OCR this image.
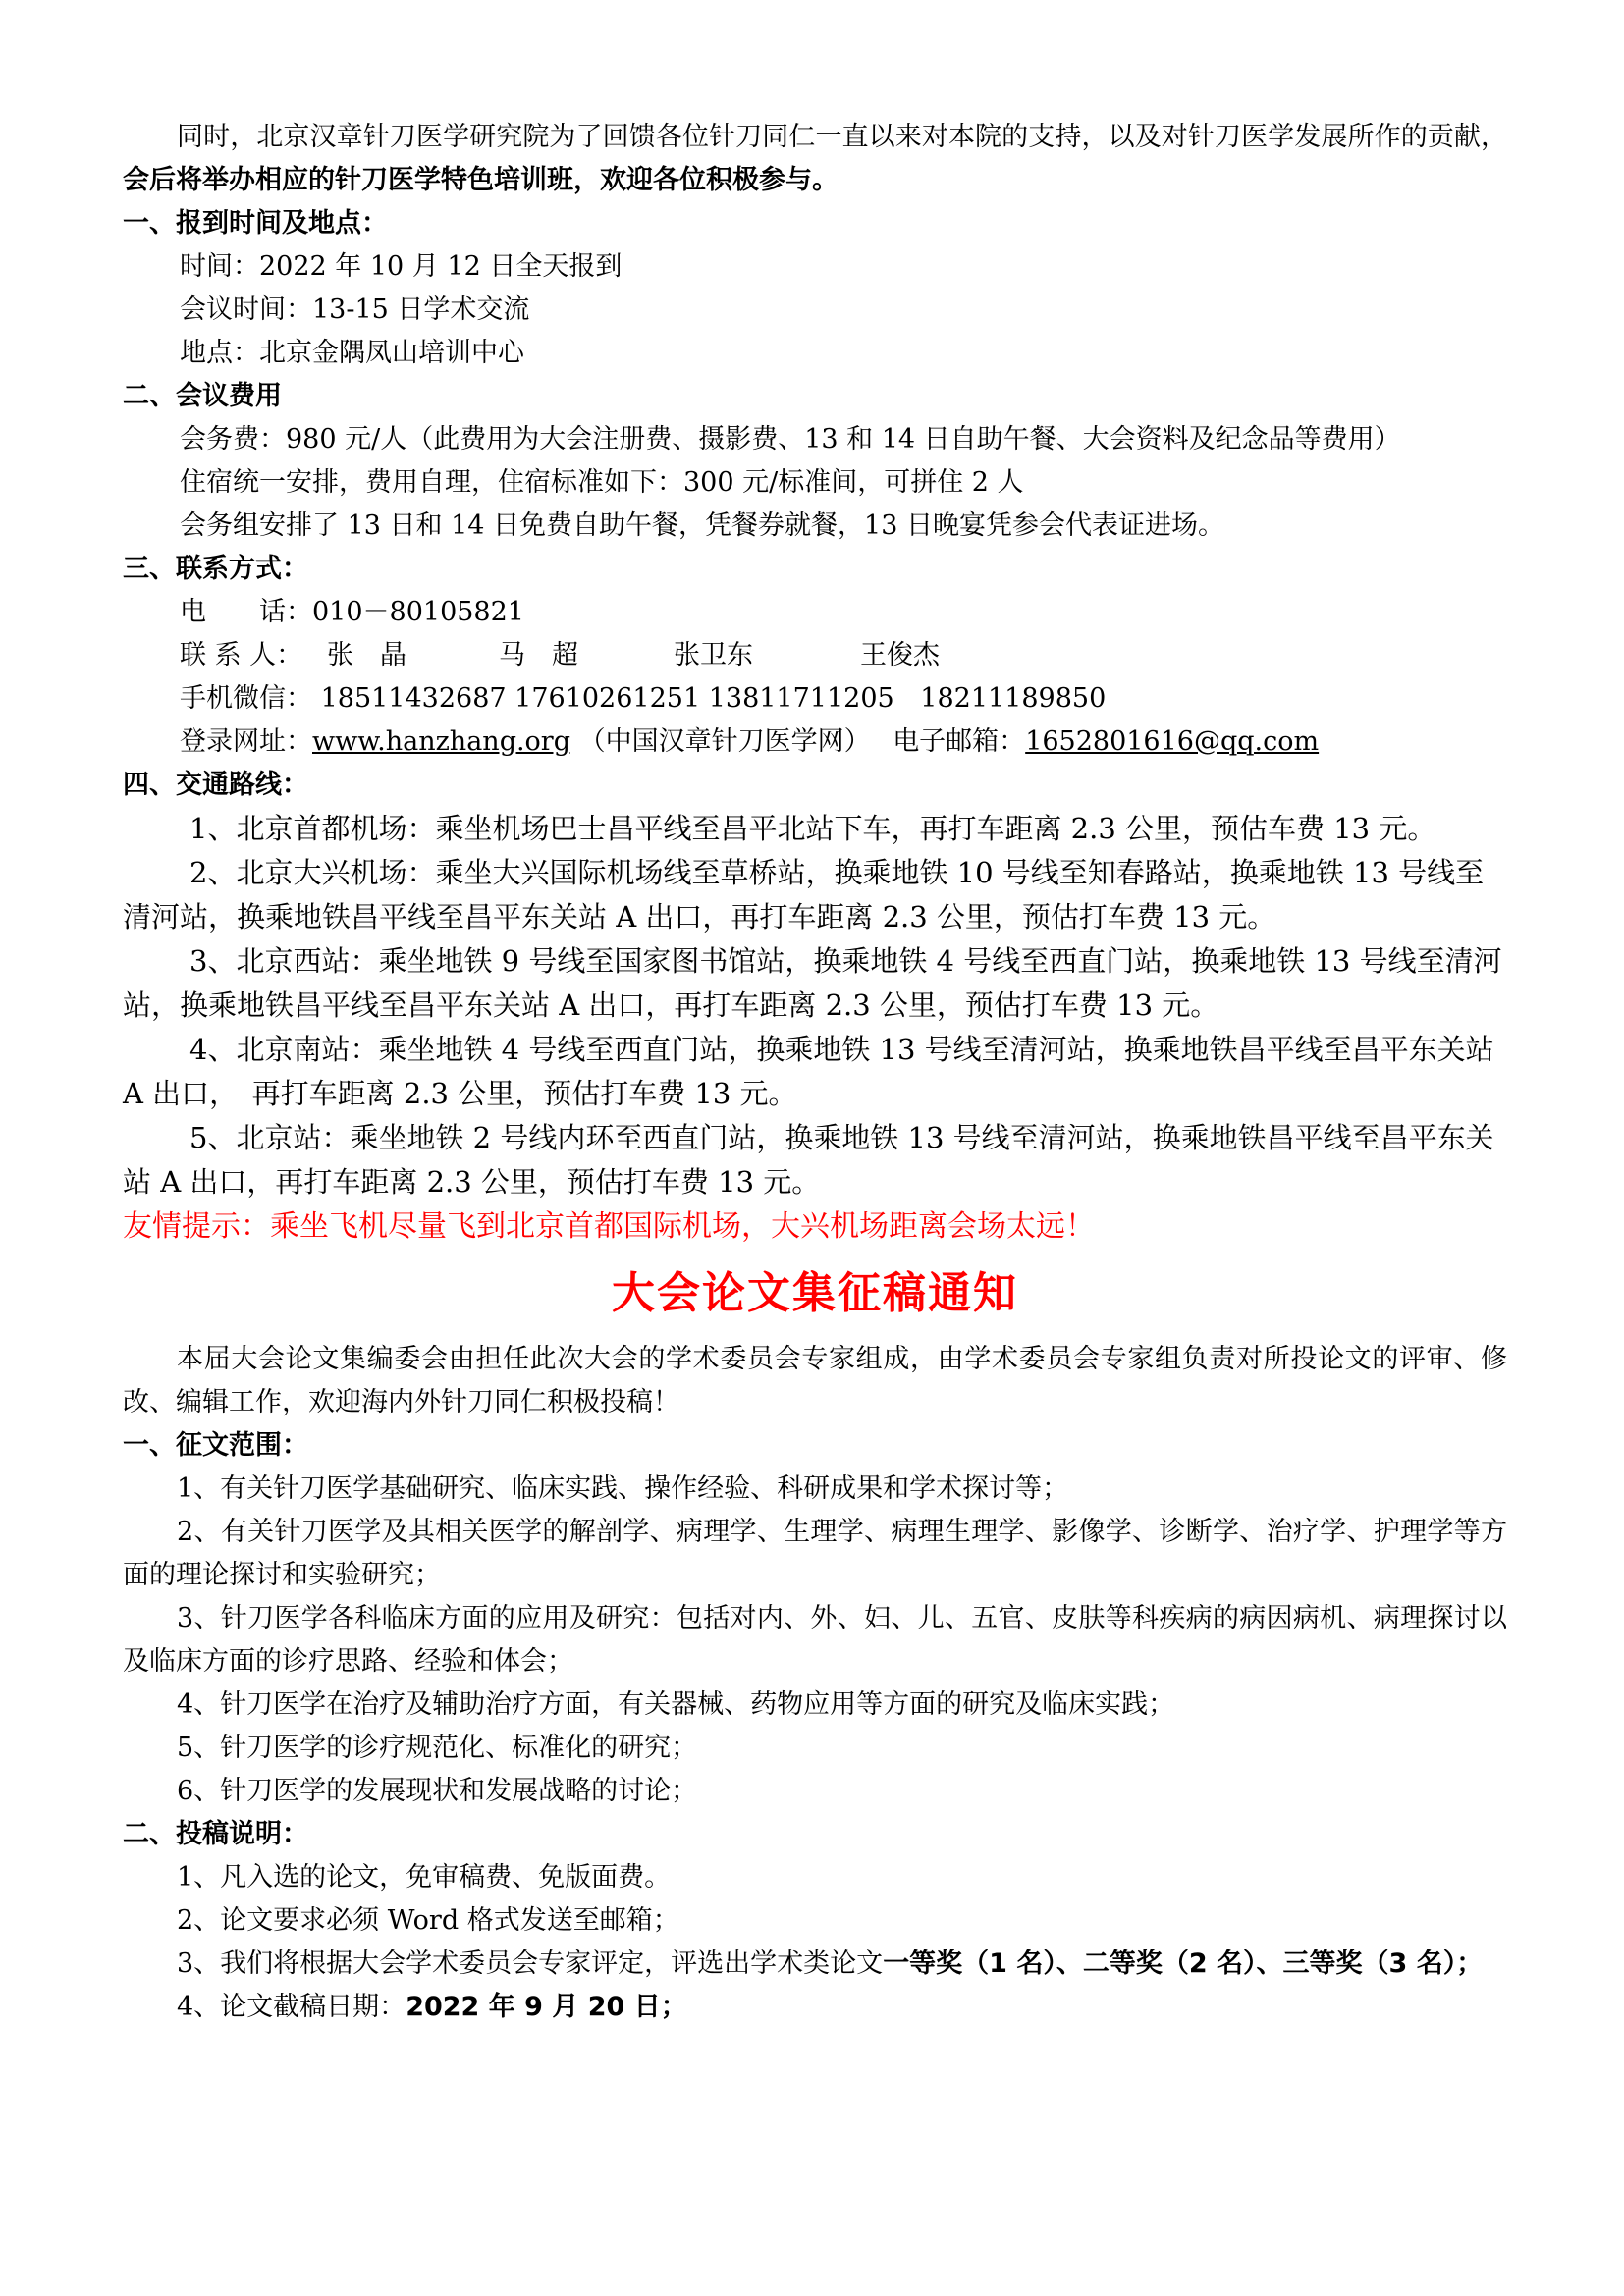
同时，北京汉章针刀医学研究院为了回馈各位针刀同仁一直以来对本院的支持，以及对针刀医学发展所作的贡献，会后将举办相应的针刀医学特色培训班，欢迎各位积极参与。

一、报到时间及地点：

时间：2022 年 10 月 12 日全天报到

会议时间：13-15 日学术交流

地点：北京金隅凤山培训中心

二、会议费用

会务费：980 元/人（此费用为大会注册费、摄影费、13 和 14 日自助午餐、大会资料及纪念品等费用）

住宿统一安排，费用自理，住宿标准如下：300 元/标准间，可拼住 2 人

会务组安排了 13 日和 14 日免费自助午餐，凭餐券就餐，13 日晚宴凭参会代表证进场。

三、联系方式：

电　　话：010－80105821

联 系 人： 张　晶	马　超	张卫东	王俊杰

手机微信： 18511432687 17610261251 13811711205 18211189850

登录网址：www.hanzhang.org （中国汉章针刀医学网） 电子邮箱：1652801616@qq.com

四、交通路线：

1、北京首都机场：乘坐机场巴士昌平线至昌平北站下车，再打车距离 2.3 公里，预估车费 13 元。

2、北京大兴机场：乘坐大兴国际机场线至草桥站，换乘地铁 10 号线至知春路站，换乘地铁 13 号线至清河站，换乘地铁昌平线至昌平东关站 A 出口，再打车距离 2.3 公里，预估打车费 13 元。

3、北京西站：乘坐地铁 9 号线至国家图书馆站，换乘地铁 4 号线至西直门站，换乘地铁 13 号线至清河站，换乘地铁昌平线至昌平东关站 A 出口，再打车距离 2.3 公里，预估打车费 13 元。

4、北京南站：乘坐地铁 4 号线至西直门站，换乘地铁 13 号线至清河站，换乘地铁昌平线至昌平东关站 A 出口，　再打车距离 2.3 公里，预估打车费 13 元。

5、北京站：乘坐地铁 2 号线内环至西直门站，换乘地铁 13 号线至清河站，换乘地铁昌平线至昌平东关站 A 出口，再打车距离 2.3 公里，预估打车费 13 元。

友情提示：乘坐飞机尽量飞到北京首都国际机场，大兴机场距离会场太远！

大会论文集征稿通知

本届大会论文集编委会由担任此次大会的学术委员会专家组成，由学术委员会专家组负责对所投论文的评审、修改、编辑工作，欢迎海内外针刀同仁积极投稿！

一、征文范围：

1、有关针刀医学基础研究、临床实践、操作经验、科研成果和学术探讨等；

2、有关针刀医学及其相关医学的解剖学、病理学、生理学、病理生理学、影像学、诊断学、治疗学、护理学等方面的理论探讨和实验研究；

3、针刀医学各科临床方面的应用及研究：包括对内、外、妇、儿、五官、皮肤等科疾病的病因病机、病理探讨以及临床方面的诊疗思路、经验和体会；

4、针刀医学在治疗及辅助治疗方面，有关器械、药物应用等方面的研究及临床实践；

5、针刀医学的诊疗规范化、标准化的研究；

6、针刀医学的发展现状和发展战略的讨论；

二、投稿说明：

1、凡入选的论文，免审稿费、免版面费。

2、论文要求必须 Word 格式发送至邮箱；

3、我们将根据大会学术委员会专家评定，评选出学术类论文一等奖（1 名）、二等奖（2 名）、三等奖（3 名）；

4、论文截稿日期：2022 年 9 月 20 日；
